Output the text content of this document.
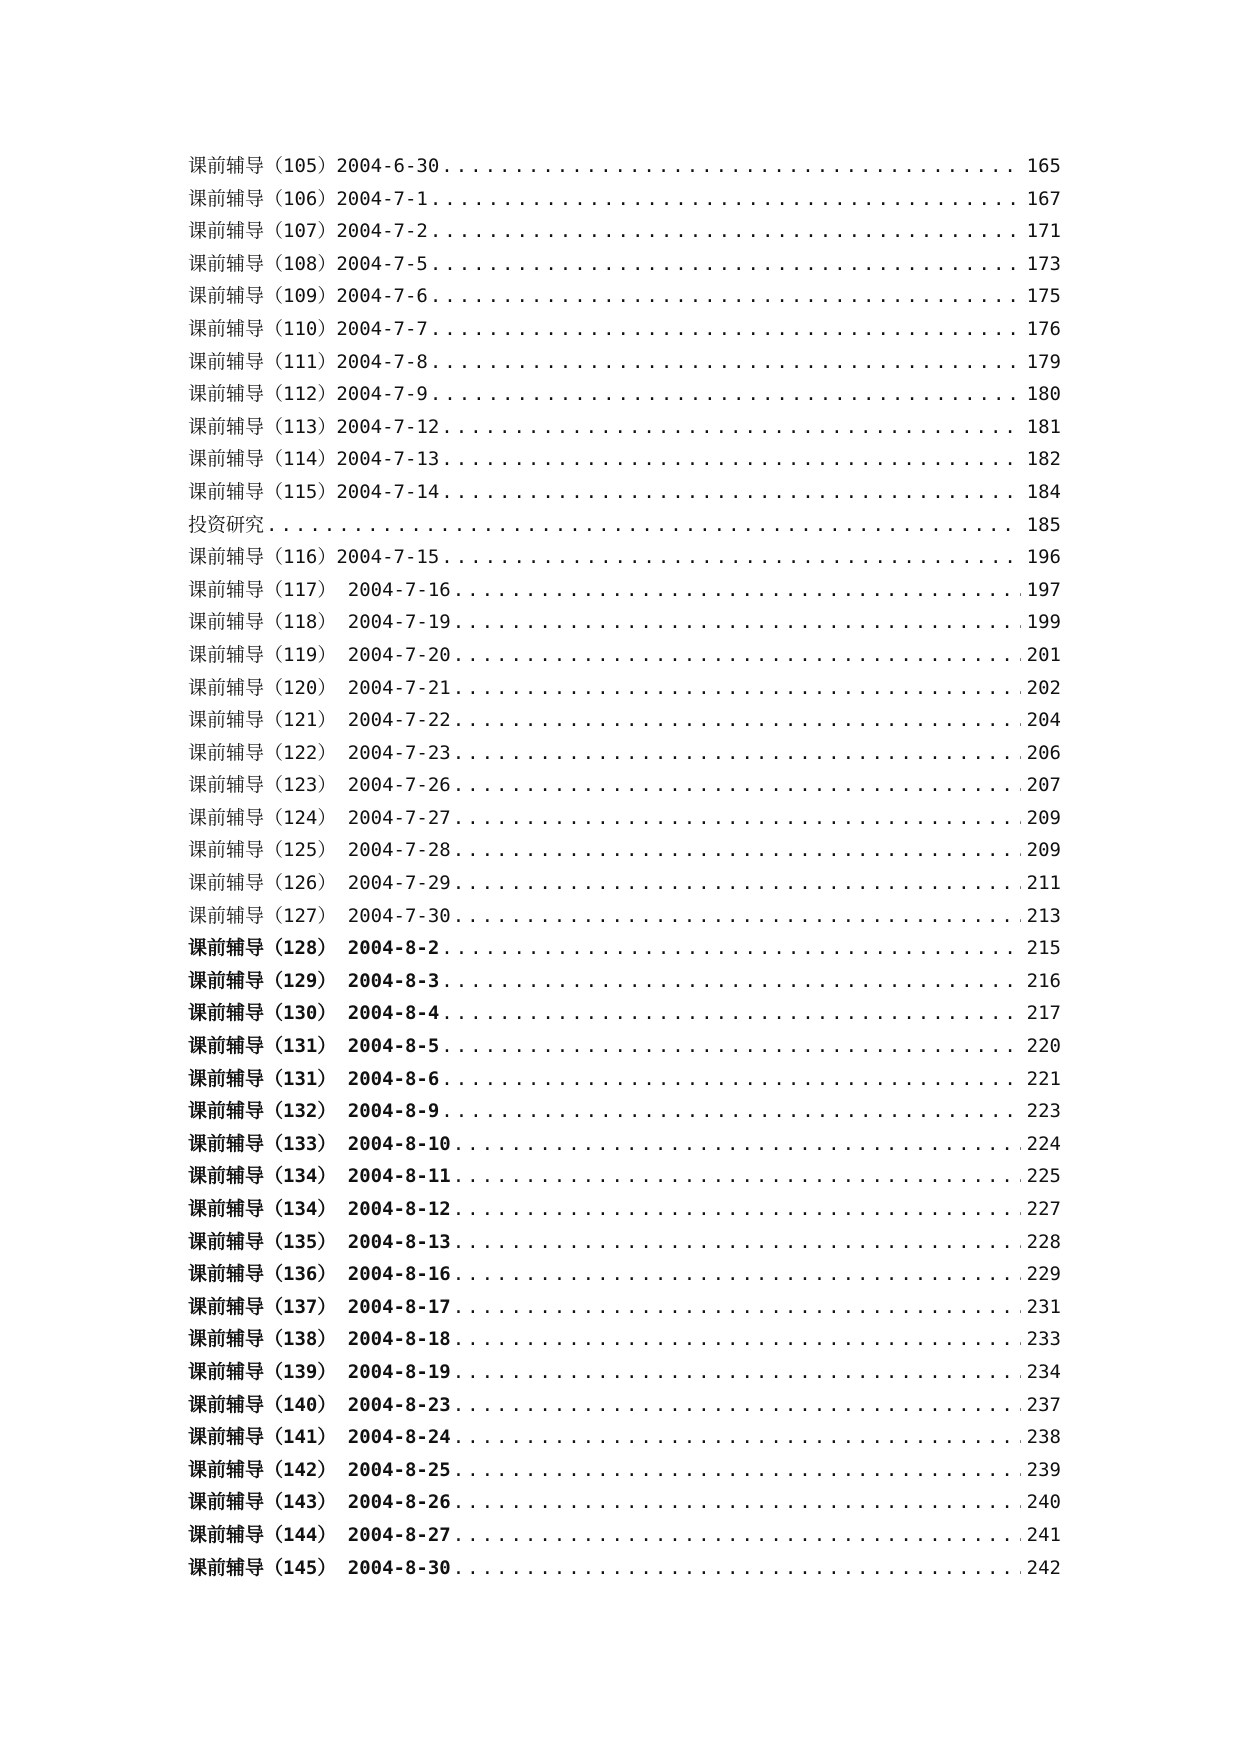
课前辅导（105）2004-6-30 .....	165
课前辅导（106）2004-7-1 .....	167
课前辅导（107）2004-7-2 .....	171
课前辅导（108）2004-7-5 .....	173
课前辅导（109）2004-7-6 .....	175
课前辅导（110）2004-7-7 .....	176
课前辅导（111）2004-7-8 .....	179
课前辅导（112）2004-7-9 .....	180
课前辅导（113）2004-7-12 .....	181
课前辅导（114）2004-7-13 .....	182
课前辅导（115）2004-7-14 .....	184
投资研究 .....	185
课前辅导（116）2004-7-15 .....	196
课前辅导（117） 2004-7-16 .....	197
课前辅导（118） 2004-7-19 .....	199
课前辅导（119） 2004-7-20 .....	201
课前辅导（120） 2004-7-21 .....	202
课前辅导（121） 2004-7-22 .....	204
课前辅导（122） 2004-7-23 .....	206
课前辅导（123） 2004-7-26 .....	207
课前辅导（124） 2004-7-27 .....	209
课前辅导（125） 2004-7-28 .....	209
课前辅导（126） 2004-7-29 .....	211
课前辅导（127） 2004-7-30 .....	213
课前辅导（128） 2004-8-2 .....	215
课前辅导（129） 2004-8-3 .....	216
课前辅导（130） 2004-8-4 .....	217
课前辅导（131） 2004-8-5 .....	220
课前辅导（131） 2004-8-6 .....	221
课前辅导（132） 2004-8-9 .....	223
课前辅导（133） 2004-8-10 .....	224
课前辅导（134） 2004-8-11 .....	225
课前辅导（134） 2004-8-12 .....	227
课前辅导（135） 2004-8-13 .....	228
课前辅导（136） 2004-8-16 .....	229
课前辅导（137） 2004-8-17 .....	231
课前辅导（138） 2004-8-18 .....	233
课前辅导（139） 2004-8-19 .....	234
课前辅导（140） 2004-8-23 .....	237
课前辅导（141） 2004-8-24 .....	238
课前辅导（142） 2004-8-25 .....	239
课前辅导（143） 2004-8-26 .....	240
课前辅导（144） 2004-8-27 .....	241
课前辅导（145） 2004-8-30 .....	242
